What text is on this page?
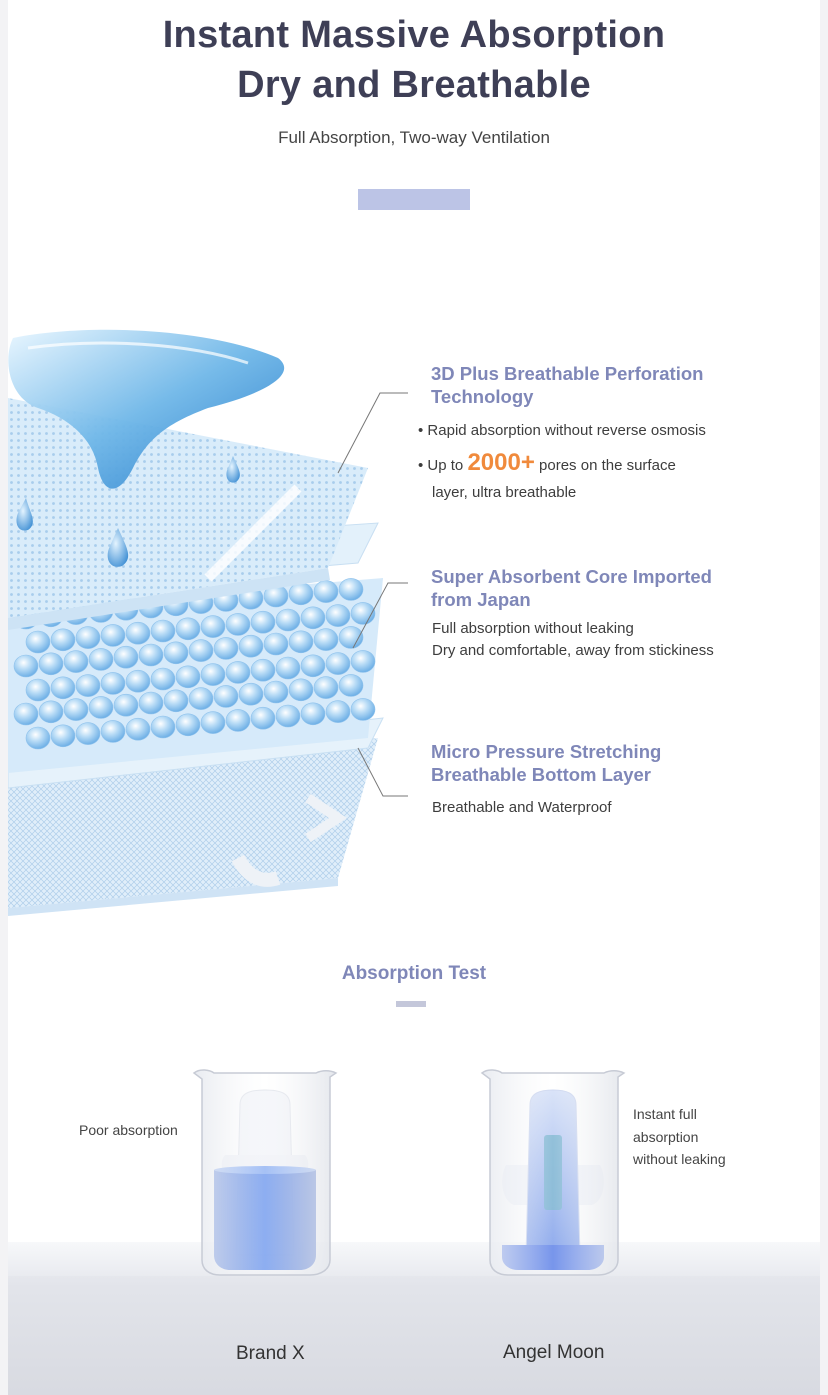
Instant Massive Absorption
Dry and Breathable
Full Absorption, Two-way Ventilation
3D Plus Breathable Perforation
Technology
• Rapid absorption without reverse osmosis
• Up to 2000+ pores on the surface
layer, ultra breathable
Super Absorbent Core Imported
from Japan
Full absorption without leaking
Dry and comfortable, away from stickiness
Micro Pressure Stretching
Breathable Bottom Layer
Breathable and Waterproof
Absorption Test
Poor absorption
Instant full
absorption
without leaking
Brand X	Angel Moon
